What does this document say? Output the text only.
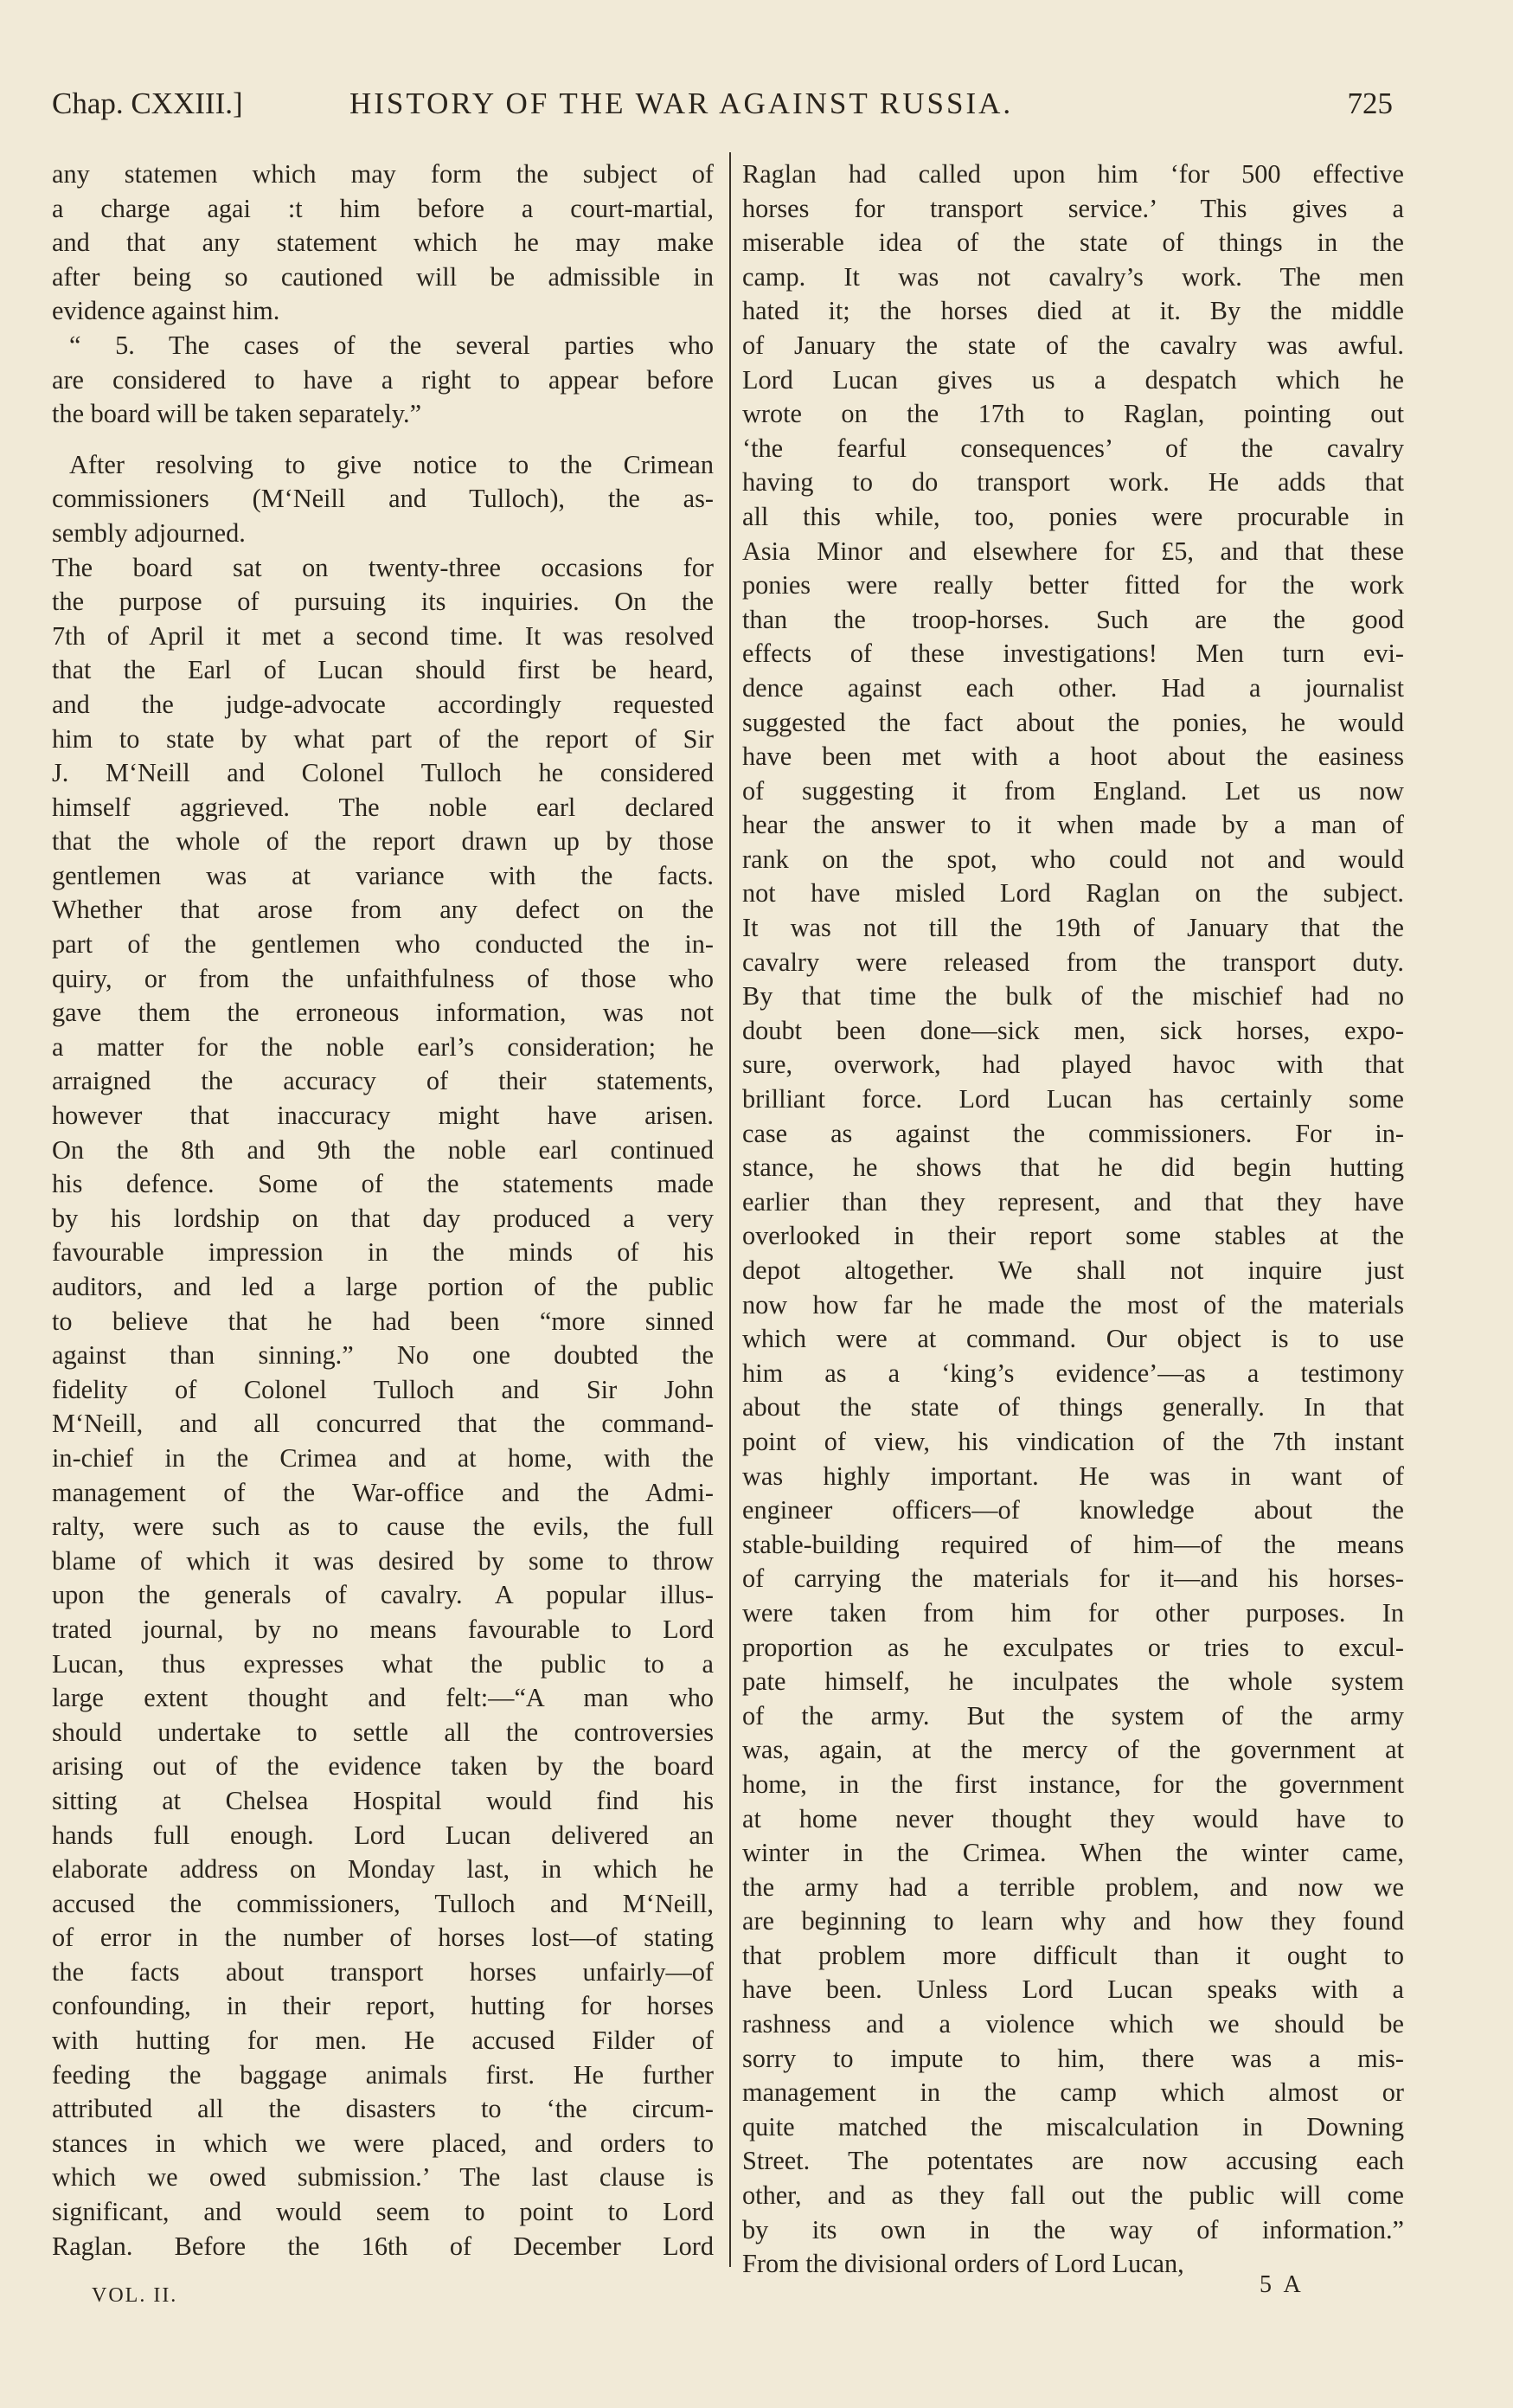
Chap. CXXIII.]	HISTORY OF THE WAR AGAINST RUSSIA.	725
any statemen which may form the subject of
a charge agai :t him before a court-martial,
and that any statement which he may make
after being so cautioned will be admissible in
evidence against him.
“ 5. The cases of the several parties who
are considered to have a right to appear before
the board will be taken separately.”
After resolving to give notice to the Crimean
commissioners (M‘Neill and Tulloch), the as-
sembly adjourned.
The board sat on twenty-three occasions for
the purpose of pursuing its inquiries. On the
7th of April it met a second time. It was resolved
that the Earl of Lucan should first be heard,
and the judge-advocate accordingly requested
him to state by what part of the report of Sir
J. M‘Neill and Colonel Tulloch he considered
himself aggrieved. The noble earl declared
that the whole of the report drawn up by those
gentlemen was at variance with the facts.
Whether that arose from any defect on the
part of the gentlemen who conducted the in-
quiry, or from the unfaithfulness of those who
gave them the erroneous information, was not
a matter for the noble earl’s consideration; he
arraigned the accuracy of their statements,
however that inaccuracy might have arisen.
On the 8th and 9th the noble earl continued
his defence. Some of the statements made
by his lordship on that day produced a very
favourable impression in the minds of his
auditors, and led a large portion of the public
to believe that he had been “more sinned
against than sinning.” No one doubted the
fidelity of Colonel Tulloch and Sir John
M‘Neill, and all concurred that the command-
in-chief in the Crimea and at home, with the
management of the War-office and the Admi-
ralty, were such as to cause the evils, the full
blame of which it was desired by some to throw
upon the generals of cavalry. A popular illus-
trated journal, by no means favourable to Lord
Lucan, thus expresses what the public to a
large extent thought and felt:—“A man who
should undertake to settle all the controversies
arising out of the evidence taken by the board
sitting at Chelsea Hospital would find his
hands full enough. Lord Lucan delivered an
elaborate address on Monday last, in which he
accused the commissioners, Tulloch and M‘Neill,
of error in the number of horses lost—of stating
the facts about transport horses unfairly—of
confounding, in their report, hutting for horses
with hutting for men. He accused Filder of
feeding the baggage animals first. He further
attributed all the disasters to ‘the circum-
stances in which we were placed, and orders to
which we owed submission.’ The last clause is
significant, and would seem to point to Lord
Raglan. Before the 16th of December Lord
Raglan had called upon him ‘for 500 effective
horses for transport service.’ This gives a
miserable idea of the state of things in the
camp. It was not cavalry’s work. The men
hated it; the horses died at it. By the middle
of January the state of the cavalry was awful.
Lord Lucan gives us a despatch which he
wrote on the 17th to Raglan, pointing out
‘the fearful consequences’ of the cavalry
having to do transport work. He adds that
all this while, too, ponies were procurable in
Asia Minor and elsewhere for £5, and that these
ponies were really better fitted for the work
than the troop-horses. Such are the good
effects of these investigations! Men turn evi-
dence against each other. Had a journalist
suggested the fact about the ponies, he would
have been met with a hoot about the easiness
of suggesting it from England. Let us now
hear the answer to it when made by a man of
rank on the spot, who could not and would
not have misled Lord Raglan on the subject.
It was not till the 19th of January that the
cavalry were released from the transport duty.
By that time the bulk of the mischief had no
doubt been done—sick men, sick horses, expo-
sure, overwork, had played havoc with that
brilliant force. Lord Lucan has certainly some
case as against the commissioners. For in-
stance, he shows that he did begin hutting
earlier than they represent, and that they have
overlooked in their report some stables at the
depot altogether. We shall not inquire just
now how far he made the most of the materials
which were at command. Our object is to use
him as a ‘king’s evidence’—as a testimony
about the state of things generally. In that
point of view, his vindication of the 7th instant
was highly important. He was in want of
engineer officers—of knowledge about the
stable-building required of him—of the means
of carrying the materials for it—and his horses-
were taken from him for other purposes. In
proportion as he exculpates or tries to excul-
pate himself, he inculpates the whole system
of the army. But the system of the army
was, again, at the mercy of the government at
home, in the first instance, for the government
at home never thought they would have to
winter in the Crimea. When the winter came,
the army had a terrible problem, and now we
are beginning to learn why and how they found
that problem more difficult than it ought to
have been. Unless Lord Lucan speaks with a
rashness and a violence which we should be
sorry to impute to him, there was a mis-
management in the camp which almost or
quite matched the miscalculation in Downing
Street. The potentates are now accusing each
other, and as they fall out the public will come
by its own in the way of information.”
From the divisional orders of Lord Lucan,
VOL. II.	5 A
